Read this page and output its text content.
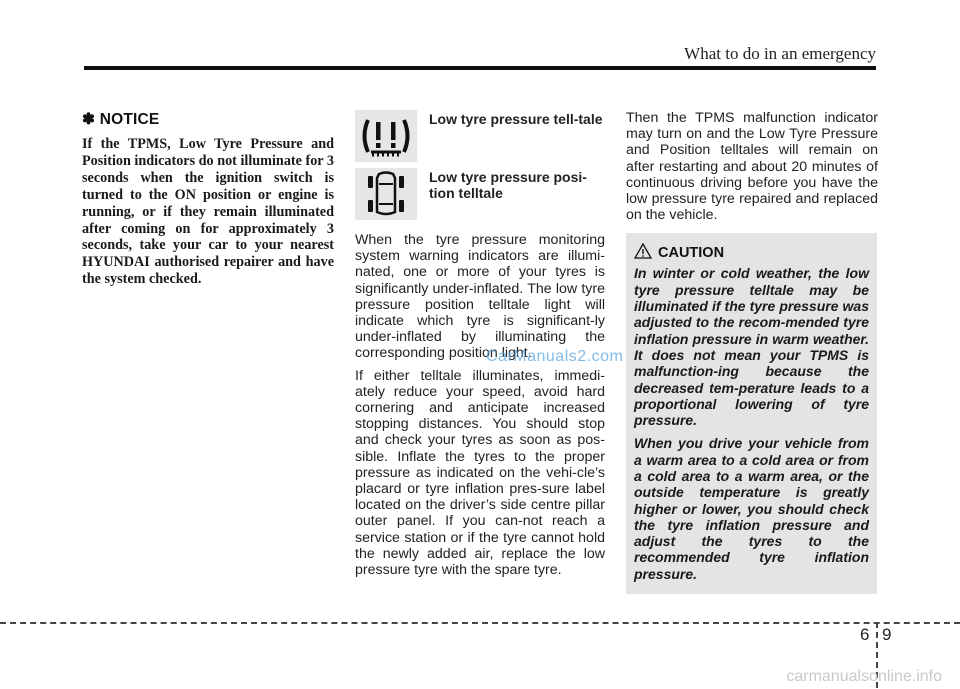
What to do in an emergency
✽ NOTICE

If the TPMS, Low Tyre Pressure and Position indicators do not illuminate for 3 seconds when the ignition switch is turned to the ON position or engine is running, or if they remain illuminated after coming on for approximately 3 seconds, take your car to your nearest HYUNDAI authorised repairer and have the system checked.

Low tyre pressure tell-tale
Low tyre pressure posi-tion telltale

When the tyre pressure monitoring system warning indicators are illumi-nated, one or more of your tyres is significantly under-inflated. The low tyre pressure position telltale light will indicate which tyre is significant-ly under-inflated by illuminating the corresponding position light.

If either telltale illuminates, immedi-ately reduce your speed, avoid hard cornering and anticipate increased stopping distances. You should stop and check your tyres as soon as pos-sible. Inflate the tyres to the proper pressure as indicated on the vehi-cle’s placard or tyre inflation pres-sure label located on the driver’s side centre pillar outer panel. If you can-not reach a service station or if the tyre cannot hold the newly added air, replace the low pressure tyre with the spare tyre.

Then the TPMS malfunction indicator may turn on and the Low Tyre Pressure and Position telltales will remain on after restarting and about 20 minutes of continuous driving before you have the low pressure tyre repaired and replaced on the vehicle.

CAUTION

In winter or cold weather, the low tyre pressure telltale may be illuminated if the tyre pressure was adjusted to the recom-mended tyre inflation pressure in warm weather. It does not mean your TPMS is malfunction-ing because the decreased tem-perature leads to a proportional lowering of tyre pressure.

When you drive your vehicle from a warm area to a cold area or from a cold area to a warm area, or the outside temperature is greatly higher or lower, you should check the tyre inflation pressure and adjust the tyres to the recommended tyre inflation pressure.

CarManuals2.com
6 9
carmanualsonline.info
